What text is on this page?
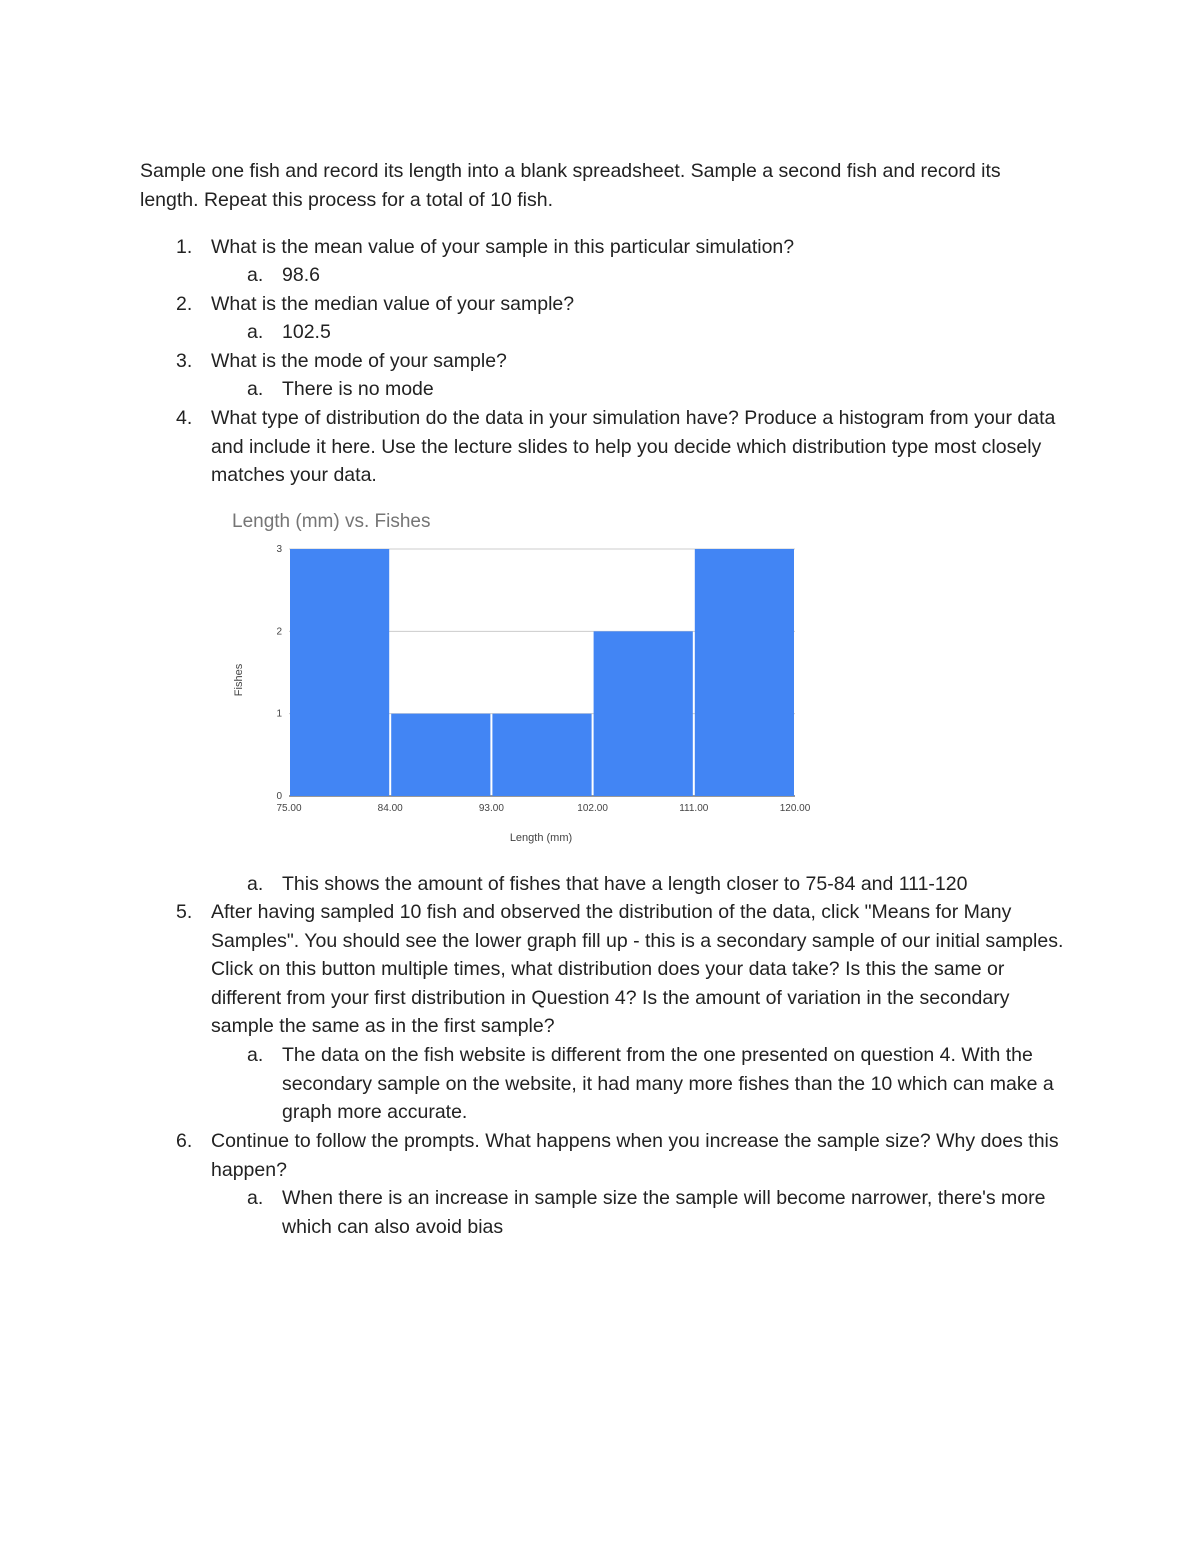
Sample one fish and record its length into a blank spreadsheet. Sample a second fish and record its length. Repeat this process for a total of 10 fish.

1. What is the mean value of your sample in this particular simulation?
a. 98.6
2. What is the median value of your sample?
a. 102.5
3. What is the mode of your sample?
a. There is no mode
4. What type of distribution do the data in your simulation have? Produce a histogram from your data and include it here. Use the lecture slides to help you decide which distribution type most closely matches your data.
Length (mm) vs. Fishes
0
1
2
3
75.00	84.00	93.00	102.00	111.00	120.00
Length (mm)
Fishes
a. This shows the amount of fishes that have a length closer to 75-84 and 111-120
5. After having sampled 10 fish and observed the distribution of the data, click "Means for Many Samples". You should see the lower graph fill up - this is a secondary sample of our initial samples. Click on this button multiple times, what distribution does your data take? Is this the same or different from your first distribution in Question 4? Is the amount of variation in the secondary sample the same as in the first sample?
a. The data on the fish website is different from the one presented on question 4. With the secondary sample on the website, it had many more fishes than the 10 which can make a graph more accurate.
6. Continue to follow the prompts. What happens when you increase the sample size? Why does this happen?
a. When there is an increase in sample size the sample will become narrower, there's more which can also avoid bias
